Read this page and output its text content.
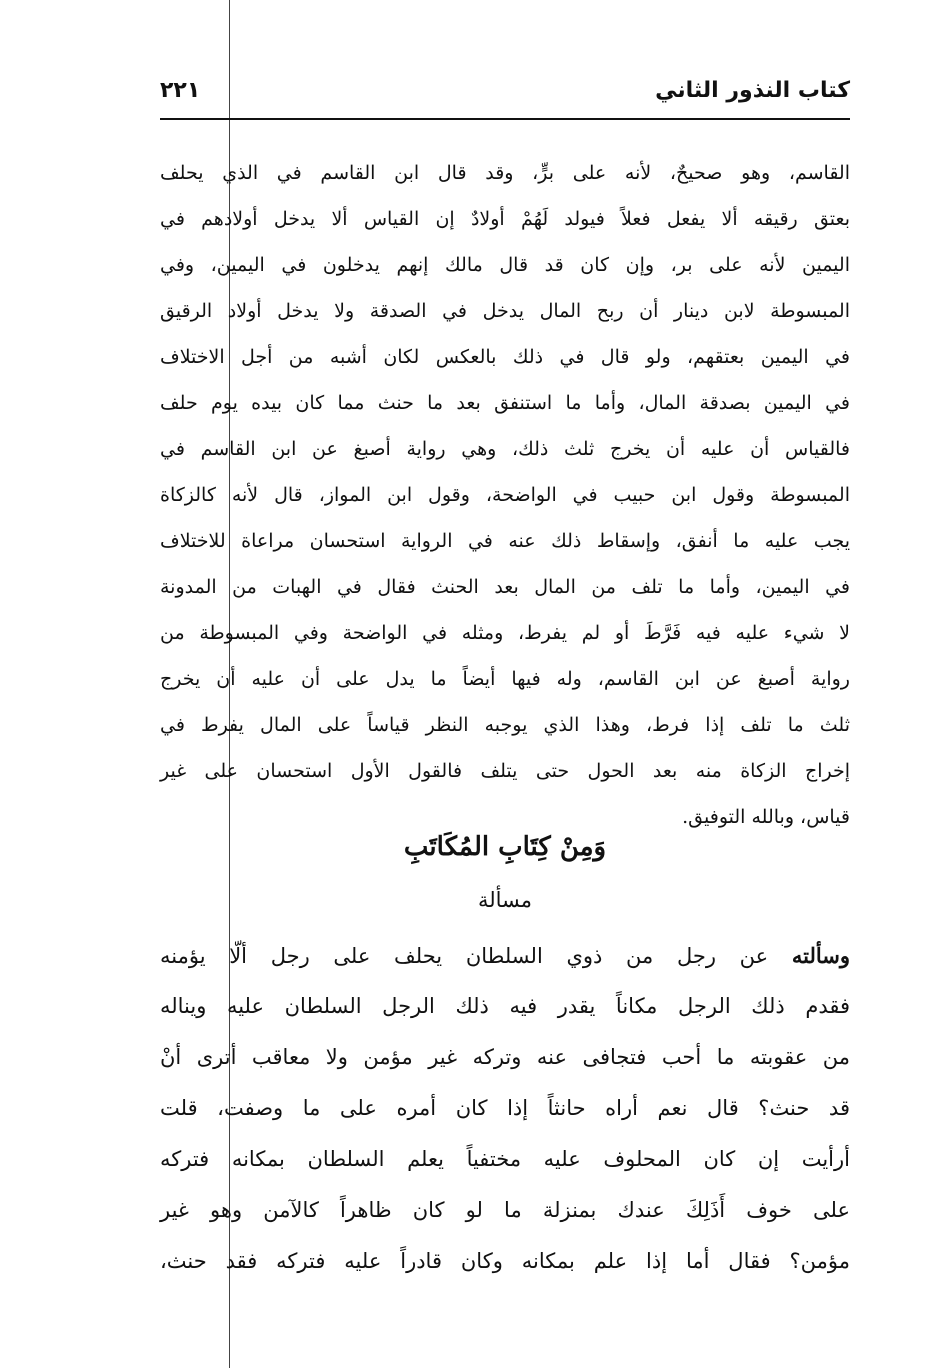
كتاب النذور الثاني
٢٢١
القاسم، وهو صحيحٌ، لأنه على برٍّ، وقد قال ابن القاسم في الذي يحلف
بعتق رقيقه ألا يفعل فعلاً فيولد لَهُمْ أولادٌ إن القياس ألا يدخل أولادهم في
اليمين لأنه على بر، وإن كان قد قال مالك إنهم يدخلون في اليمين، وفي
المبسوطة لابن دينار أن ربح المال يدخل في الصدقة ولا يدخل أولاد الرقيق
في اليمين بعتقهم، ولو قال في ذلك بالعكس لكان أشبه من أجل الاختلاف
في اليمين بصدقة المال، وأما ما استنفق بعد ما حنث مما كان بيده يوم حلف
فالقياس أن عليه أن يخرج ثلث ذلك، وهي رواية أصبغ عن ابن القاسم في
المبسوطة وقول ابن حبيب في الواضحة، وقول ابن المواز، قال لأنه كالزكاة
يجب عليه ما أنفق، وإسقاط ذلك عنه في الرواية استحسان مراعاة للاختلاف
في اليمين، وأما ما تلف من المال بعد الحنث فقال في الهبات من المدونة
لا شيء عليه فيه فَرَّطَ أو لم يفرط، ومثله في الواضحة وفي المبسوطة من
رواية أصبغ عن ابن القاسم، وله فيها أيضاً ما يدل على أن عليه أن يخرج
ثلث ما تلف إذا فرط، وهذا الذي يوجبه النظر قياساً على المال يفرط في
إخراج الزكاة منه بعد الحول حتى يتلف فالقول الأول استحسان على غير
قياس، وبالله التوفيق.
وَمِنْ كِتَابِ المُكَاتَبِ
مسألة
وسألته عن رجل من ذوي السلطان يحلف على رجل ألّا يؤمنه
فقدم ذلك الرجل مكاناً يقدر فيه ذلك الرجل السلطان عليه ويناله
من عقوبته ما أحب فتجافى عنه وتركه غير مؤمن ولا معاقب أترى أنْ
قد حنث؟ قال نعم أراه حانثاً إذا كان أمره على ما وصفت، قلت
أرأيت إن كان المحلوف عليه مختفياً يعلم السلطان بمكانه فتركه
على خوف أَذَلِكَ عندك بمنزلة ما لو كان ظاهراً كالآمن وهو غير
مؤمن؟ فقال أما إذا علم بمكانه وكان قادراً عليه فتركه فقد حنث،
